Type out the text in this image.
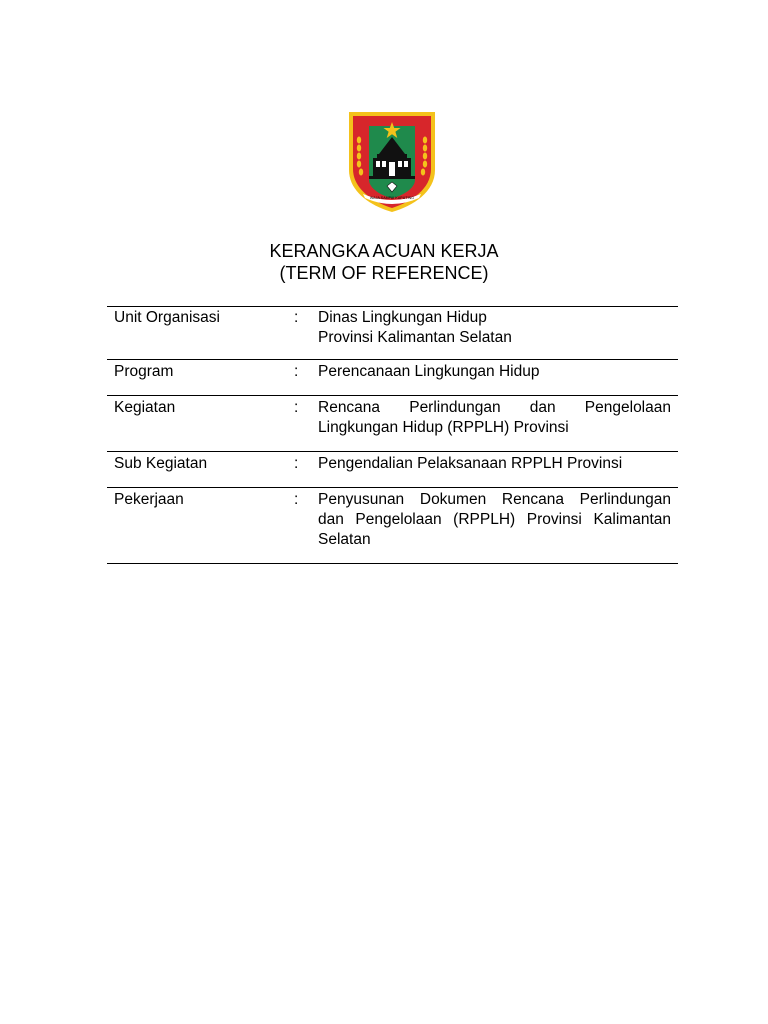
WAJA SAMPAI KAPUTING
KERANGKA ACUAN KERJA
(TERM OF REFERENCE)
Unit Organisasi	:	Dinas Lingkungan Hidup
Provinsi Kalimantan Selatan

Program	:	Perencanaan Lingkungan Hidup

Kegiatan	:	Rencana Perlindungan dan Pengelolaan
Lingkungan Hidup (RPPLH) Provinsi

Sub Kegiatan	:	Pengendalian Pelaksanaan RPPLH Provinsi

Pekerjaan	:	Penyusunan Dokumen Rencana Perlindungan
dan Pengelolaan (RPPLH) Provinsi Kalimantan
Selatan
